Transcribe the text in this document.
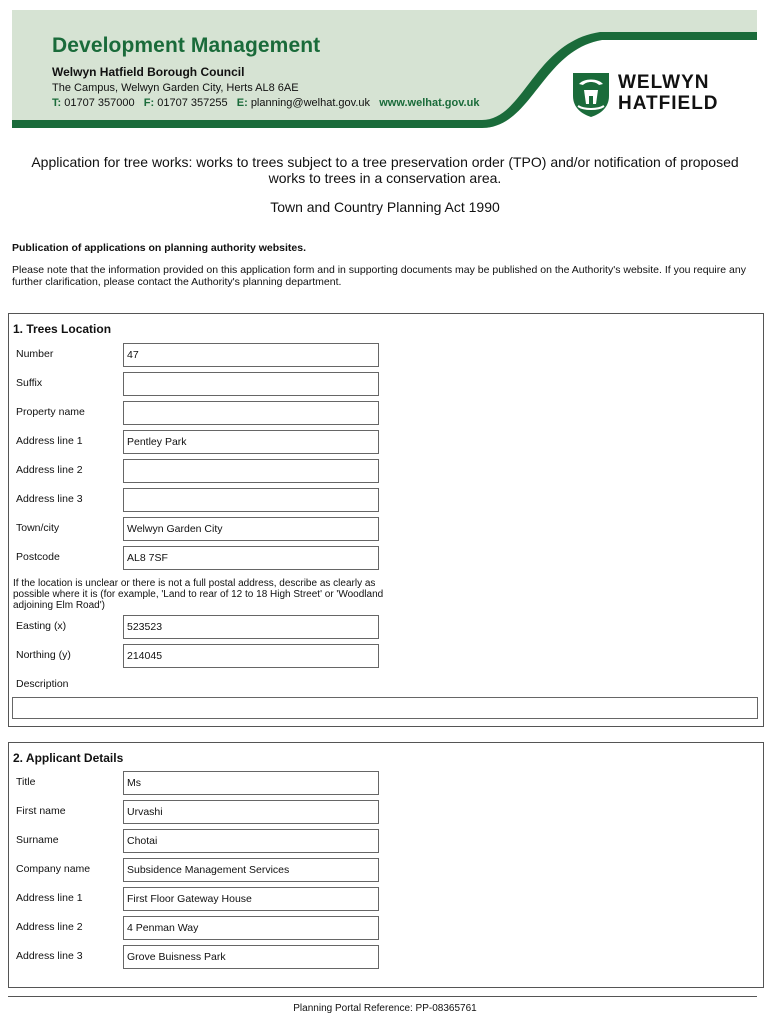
Development Management
Welwyn Hatfield Borough Council
The Campus, Welwyn Garden City, Herts AL8 6AE
T: 01707 357000 F: 01707 357255 E: planning@welhat.gov.uk www.welhat.gov.uk
WELWYN
HATFIELD
Application for tree works: works to trees subject to a tree preservation order (TPO) and/or notification of proposed works to trees in a conservation area.
Town and Country Planning Act 1990
Publication of applications on planning authority websites.
Please note that the information provided on this application form and in supporting documents may be published on the Authority's website. If you require any further clarification, please contact the Authority's planning department.
1. Trees Location
Number	47
Suffix
Property name
Address line 1	Pentley Park
Address line 2
Address line 3
Town/city	Welwyn Garden City
Postcode	AL8 7SF
If the location is unclear or there is not a full postal address, describe as clearly as possible where it is (for example, 'Land to rear of 12 to 18 High Street' or 'Woodland adjoining Elm Road')
Easting (x)	523523
Northing (y)	214045
Description
2. Applicant Details
Title	Ms
First name	Urvashi
Surname	Chotai
Company name	Subsidence Management Services
Address line 1	First Floor Gateway House
Address line 2	4 Penman Way
Address line 3	Grove Buisness Park
Planning Portal Reference: PP-08365761
